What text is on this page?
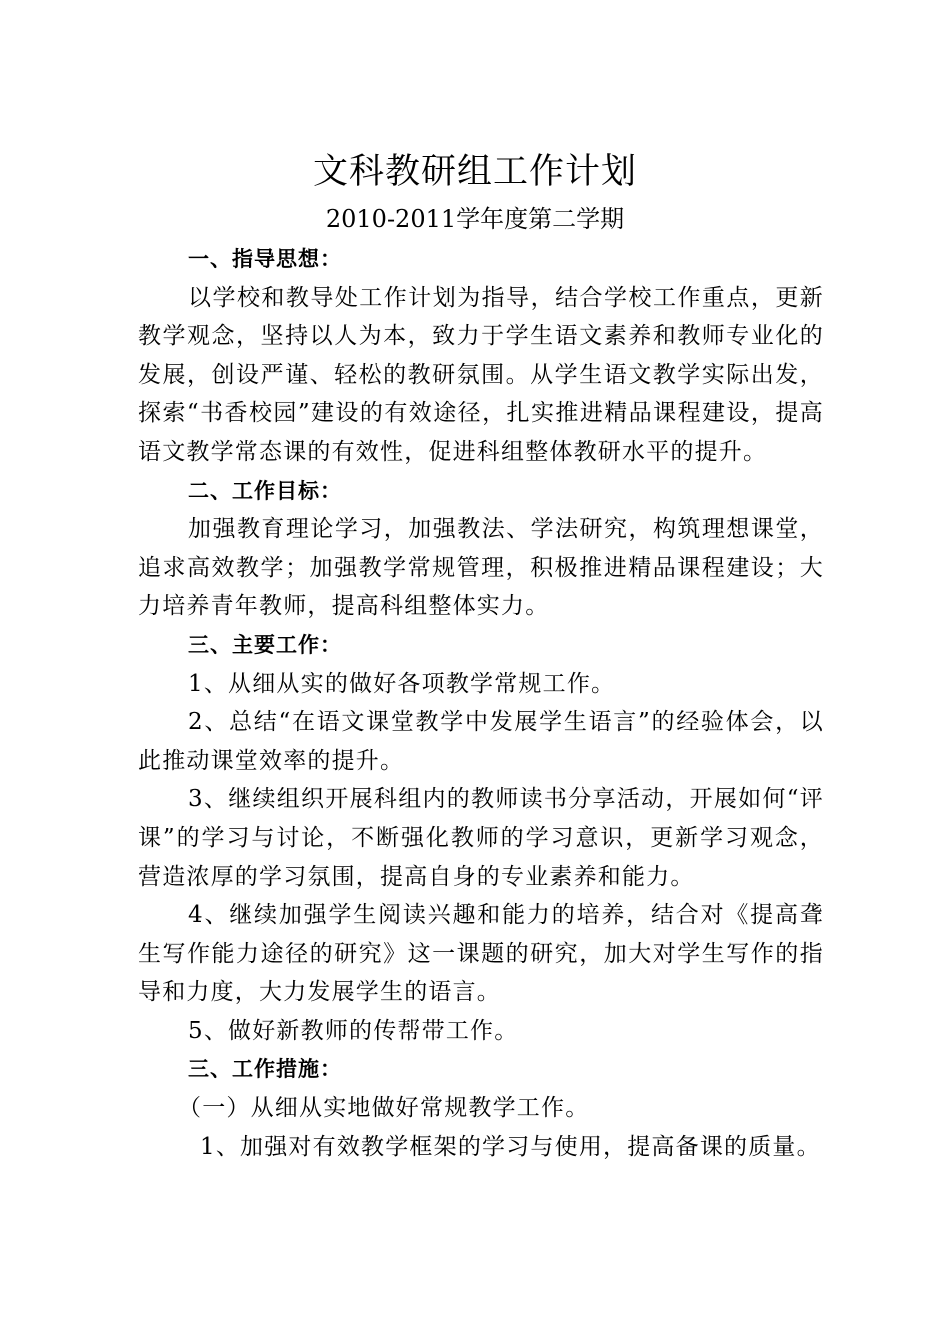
文科教研组工作计划
2010-2011学年度第二学期

一、指导思想：

以学校和教导处工作计划为指导，结合学校工作重点，更新教学观念，坚持以人为本，致力于学生语文素养和教师专业化的发展，创设严谨、轻松的教研氛围。从学生语文教学实际出发，探索“书香校园”建设的有效途径，扎实推进精品课程建设，提高语文教学常态课的有效性，促进科组整体教研水平的提升。

二、工作目标：

加强教育理论学习，加强教法、学法研究，构筑理想课堂，追求高效教学；加强教学常规管理，积极推进精品课程建设；大力培养青年教师，提高科组整体实力。

三、主要工作：

1、从细从实的做好各项教学常规工作。

2、总结“在语文课堂教学中发展学生语言”的经验体会，以此推动课堂效率的提升。

3、继续组织开展科组内的教师读书分享活动，开展如何“评课”的学习与讨论，不断强化教师的学习意识，更新学习观念，营造浓厚的学习氛围，提高自身的专业素养和能力。

4、继续加强学生阅读兴趣和能力的培养，结合对《提高聋生写作能力途径的研究》这一课题的研究，加大对学生写作的指导和力度，大力发展学生的语言。

5、做好新教师的传帮带工作。

三、工作措施：

（一）从细从实地做好常规教学工作。

1、加强对有效教学框架的学习与使用，提高备课的质量。
